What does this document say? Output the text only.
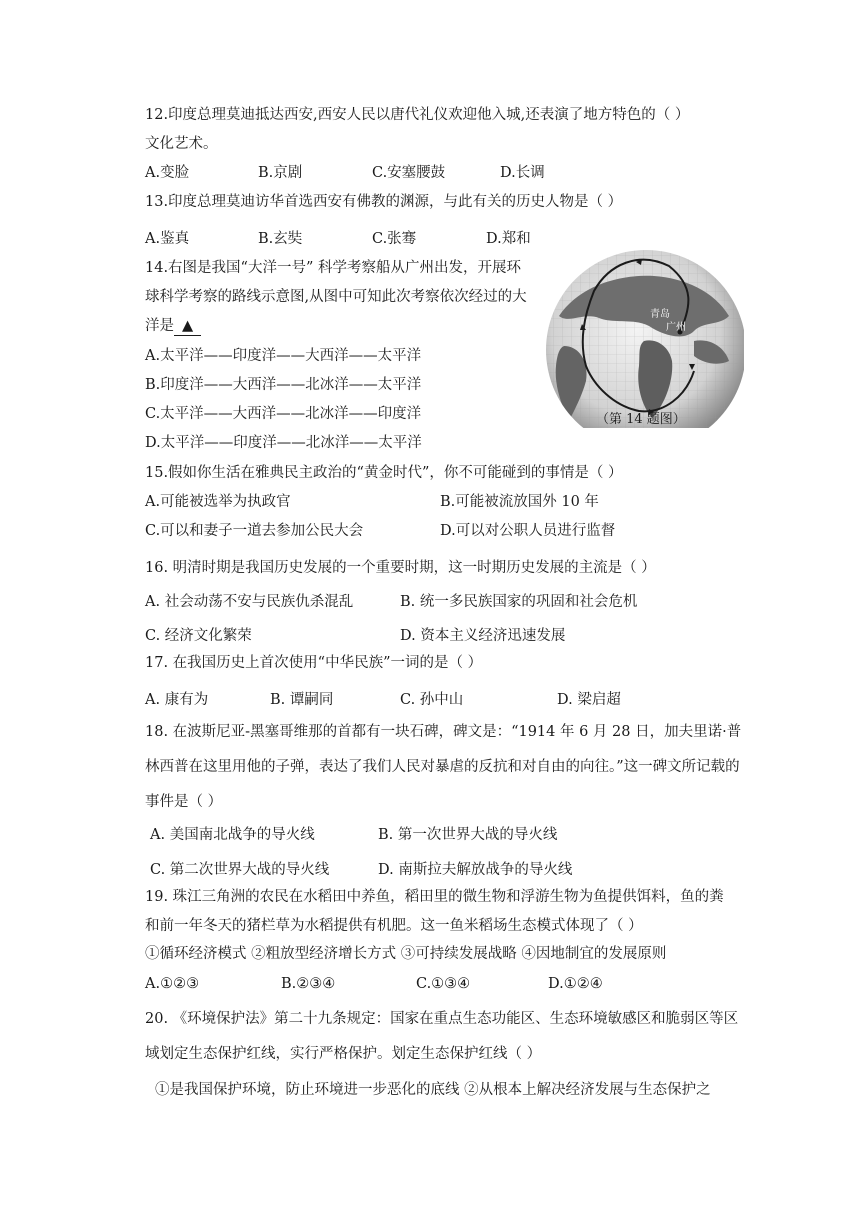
12.印度总理莫迪抵达西安,西安人民以唐代礼仪欢迎他入城,还表演了地方特色的（ ）
文化艺术。
A.变脸	B.京剧	C.安塞腰鼓	D.长调
13.印度总理莫迪访华首选西安有佛教的渊源，与此有关的历史人物是（ ）
A.鉴真	B.玄奘	C.张骞	D.郑和
14.右图是我国“大洋一号” 科学考察船从广州出发，开展环
球科学考察的路线示意图,从图中可知此次考察依次经过的大
洋是 ▲
A.太平洋——印度洋——大西洋——太平洋
B.印度洋——大西洋——北冰洋——太平洋
C.太平洋——大西洋——北冰洋——印度洋
D.太平洋——印度洋——北冰洋——太平洋
青岛
广州
（第 14 题图）
15.假如你生活在雅典民主政治的“黄金时代”，你不可能碰到的事情是（ ）
A.可能被选举为执政官	B.可能被流放国外 10 年
C.可以和妻子一道去参加公民大会	D.可以对公职人员进行监督
16. 明清时期是我国历史发展的一个重要时期，这一时期历史发展的主流是（ ）
A. 社会动荡不安与民族仇杀混乱	B. 统一多民族国家的巩固和社会危机
C. 经济文化繁荣	D. 资本主义经济迅速发展
17. 在我国历史上首次使用“中华民族”一词的是（ ）
A. 康有为	B. 谭嗣同	C. 孙中山	D. 梁启超
18. 在波斯尼亚-黑塞哥维那的首都有一块石碑，碑文是：“1914 年 6 月 28 日，加夫里诺·普
林西普在这里用他的子弹，表达了我们人民对暴虐的反抗和对自由的向往。”这一碑文所记载的
事件是（ ）
A. 美国南北战争的导火线	B. 第一次世界大战的导火线
C. 第二次世界大战的导火线	D. 南斯拉夫解放战争的导火线
19. 珠江三角洲的农民在水稻田中养鱼，稻田里的微生物和浮游生物为鱼提供饵料，鱼的粪
和前一年冬天的猪栏草为水稻提供有机肥。这一鱼米稻场生态模式体现了（ ）
①循环经济模式 ②粗放型经济增长方式 ③可持续发展战略 ④因地制宜的发展原则
A.①②③	B.②③④	C.①③④	D.①②④
20. 《环境保护法》第二十九条规定：国家在重点生态功能区、生态环境敏感区和脆弱区等区
域划定生态保护红线，实行严格保护。划定生态保护红线（ ）
①是我国保护环境，防止环境进一步恶化的底线 ②从根本上解决经济发展与生态保护之
